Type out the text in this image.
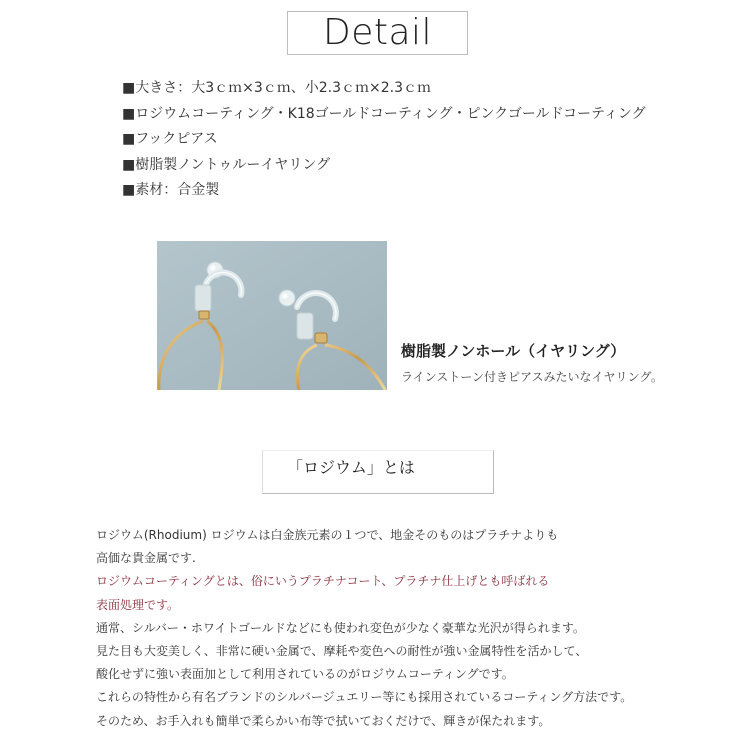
Detail
■大きさ：大3ｃｍ×3ｃｍ、小2.3ｃｍ×2.3ｃｍ
■ロジウムコーティング・K18ゴールドコーティング・ピンクゴールドコーティング
■フックピアス
■樹脂製ノントゥルーイヤリング
■素材：合金製
樹脂製ノンホール（イヤリング）
ラインストーン付きピアスみたいなイヤリング。
「ロジウム」とは

ロジウム(Rhodium) ロジウムは白金族元素の１つで、地金そのものはプラチナよりも

高価な貴金属です.

ロジウムコーティングとは、俗にいうプラチナコート、プラチナ仕上げとも呼ばれる

表面処理です。

通常、シルバー・ホワイトゴールドなどにも使われ変色が少なく豪華な光沢が得られます。

見た目も大変美しく、非常に硬い金属で、摩耗や変色への耐性が強い金属特性を活かして、

酸化せずに強い表面加として利用されているのがロジウムコーティングです。

これらの特性から有名ブランドのシルバージュエリー等にも採用されているコーティング方法です。

そのため、お手入れも簡単で柔らかい布等で拭いておくだけで、輝きが保たれます。
